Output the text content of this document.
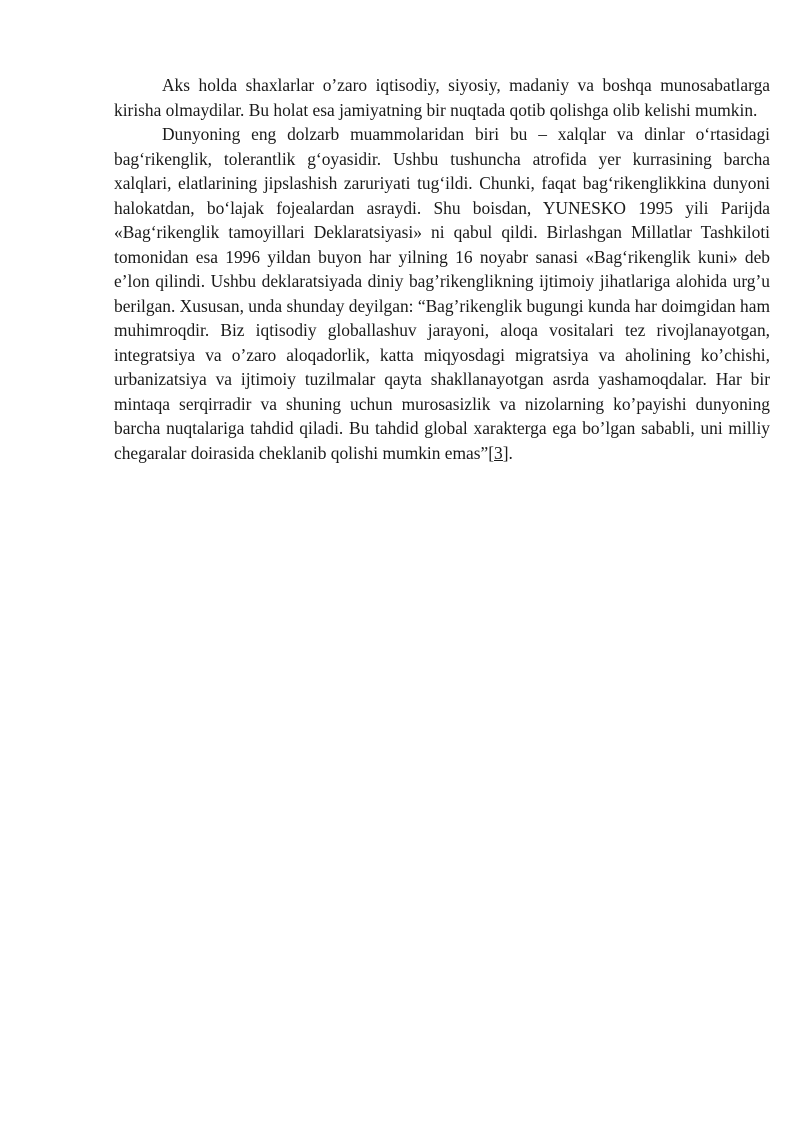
Aks holda shaxlarlar o’zaro iqtisodiy, siyosiy, madaniy va boshqa munosabatlarga kirisha olmaydilar. Bu holat esa jamiyatning bir nuqtada qotib qolishga olib kelishi mumkin.

Dunyoning eng dolzarb muammolaridan biri bu – xalqlar va dinlar o‘rtasidagi bag‘rikenglik, tolerantlik g‘oyasidir. Ushbu tushuncha atrofida yer kurrasining barcha xalqlari, elatlarining jipslashish zaruriyati tug‘ildi. Chunki, faqat bag‘rikenglikkina dunyoni halokatdan, bo‘lajak fojealardan asraydi. Shu boisdan, YUNESKO 1995 yili Parijda «Bag‘rikenglik tamoyillari Deklaratsiyasi» ni qabul qildi. Birlashgan Millatlar Tashkiloti tomonidan esa 1996 yildan buyon har yilning 16 noyabr sanasi «Bag‘rikenglik kuni» deb e’lon qilindi. Ushbu deklaratsiyada diniy bag’rikenglikning ijtimoiy jihatlariga alohida urg’u berilgan. Xususan, unda shunday deyilgan: “Bag’rikenglik bugungi kunda har doimgidan ham muhimroqdir. Biz iqtisodiy globallashuv jarayoni, aloqa vositalari tez rivojlanayotgan, integratsiya va o’zaro aloqadorlik, katta miqyosdagi migratsiya va aholining ko’chishi, urbanizatsiya va ijtimoiy tuzilmalar qayta shakllanayotgan asrda yashamoqdalar. Har bir mintaqa serqirradir va shuning uchun murosasizlik va nizolarning ko’payishi dunyoning barcha nuqtalariga tahdid qiladi. Bu tahdid global xarakterga ega bo’lgan sababli, uni milliy chegaralar doirasida cheklanib qolishi mumkin emas”[3].
